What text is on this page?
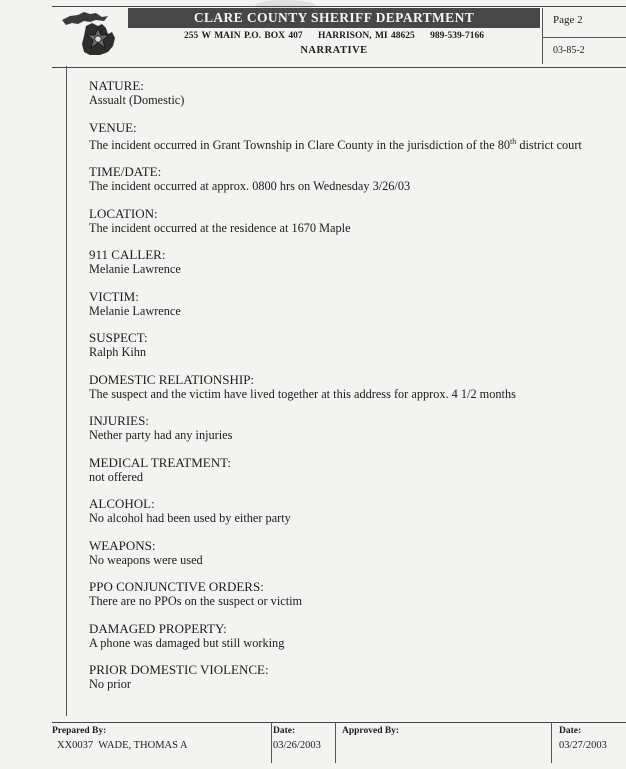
CLARE COUNTY SHERIFF DEPARTMENT
255 W MAIN P.O. BOX 407 HARRISON, MI 48625 989-539-7166
NARRATIVE
Page 2
03-85-2
NATURE:
Assualt (Domestic)
VENUE:
The incident occurred in Grant Township in Clare County in the jurisdiction of the 80th district court
TIME/DATE:
The incident occurred at approx. 0800 hrs on Wednesday 3/26/03
LOCATION:
The incident occurred at the residence at 1670 Maple
911 CALLER:
Melanie Lawrence
VICTIM:
Melanie Lawrence
SUSPECT:
Ralph Kihn
DOMESTIC RELATIONSHIP:
The suspect and the victim have lived together at this address for approx. 4 1/2 months
INJURIES:
Nether party had any injuries
MEDICAL TREATMENT:
not offered
ALCOHOL:
No alcohol had been used by either party
WEAPONS:
No weapons were used
PPO CONJUNCTIVE ORDERS:
There are no PPOs on the suspect or victim
DAMAGED PROPERTY:
A phone was damaged but still working
PRIOR DOMESTIC VIOLENCE:
No prior
Prepared By:
XX0037  WADE, THOMAS A
Date:
03/26/2003
Approved By:	Date:
03/27/2003
